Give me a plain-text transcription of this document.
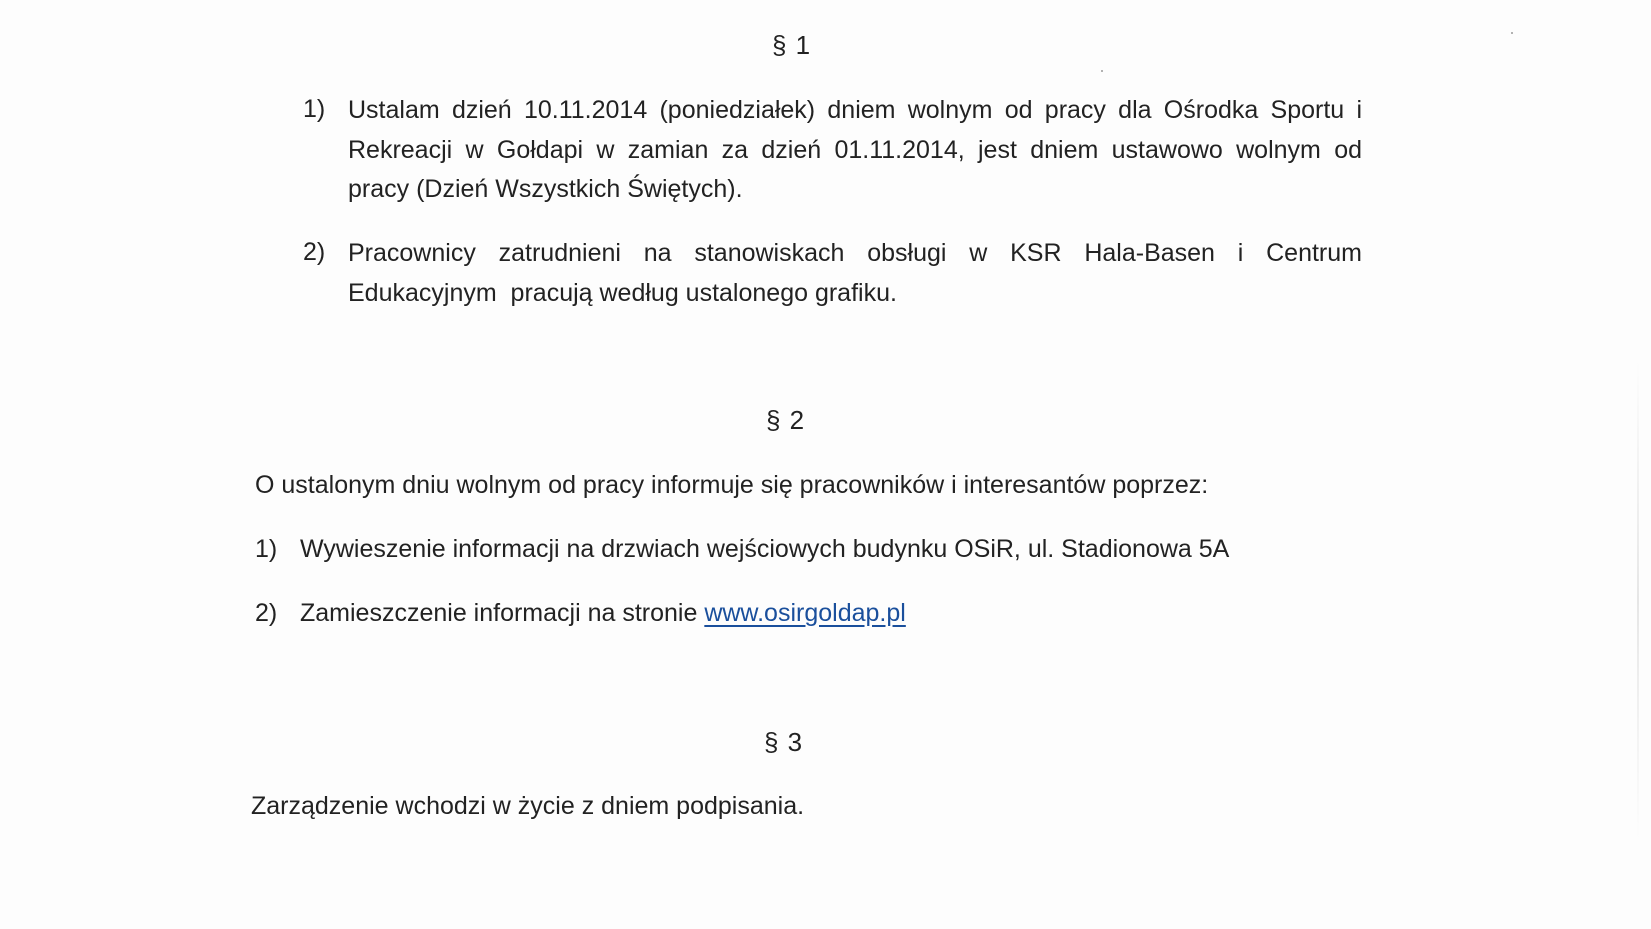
§ 1
1) Ustalam dzień 10.11.2014 (poniedziałek) dniem wolnym od pracy dla Ośrodka Sportu i
Rekreacji w Gołdapi w zamian za dzień 01.11.2014, jest dniem ustawowo wolnym od
pracy (Dzień Wszystkich Świętych).
2) Pracownicy zatrudnieni na stanowiskach obsługi w KSR Hala-Basen i Centrum
Edukacyjnym  pracują według ustalonego grafiku.
§ 2
O ustalonym dniu wolnym od pracy informuje się pracowników i interesantów poprzez:
1) Wywieszenie informacji na drzwiach wejściowych budynku OSiR, ul. Stadionowa 5A
2) Zamieszczenie informacji na stronie www.osirgoldap.pl
§ 3
Zarządzenie wchodzi w życie z dniem podpisania.
